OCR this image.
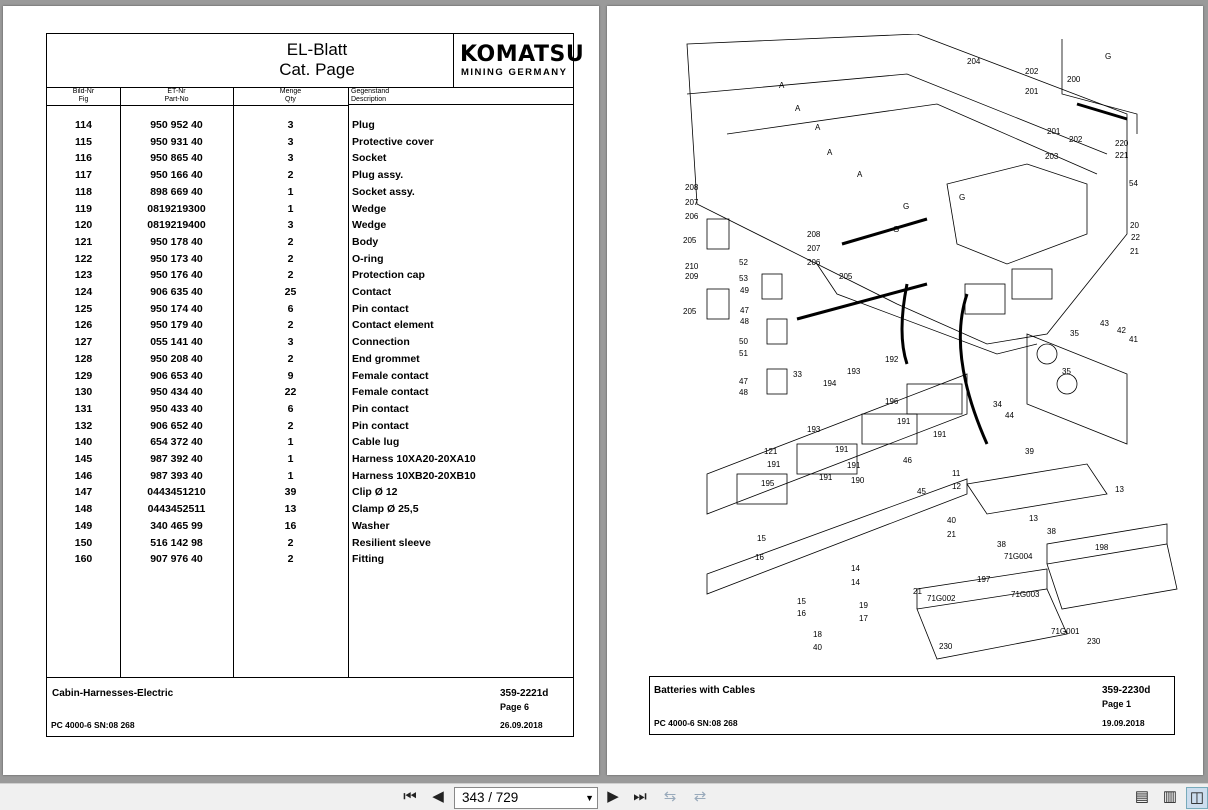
EL-Blatt
Cat. Page
KOMATSU
MINING GERMANY
Bild-Nr
Fig
ET-Nr
Part-No
Menge
Qty
Gegenstand
Description
114	950 952 40	3	Plug
115	950 931 40	3	Protective cover
116	950 865 40	3	Socket
117	950 166 40	2	Plug assy.
118	898 669 40	1	Socket assy.
119	0819219300	1	Wedge
120	0819219400	3	Wedge
121	950 178 40	2	Body
122	950 173 40	2	O-ring
123	950 176 40	2	Protection cap
124	906 635 40	25	Contact
125	950 174 40	6	Pin contact
126	950 179 40	2	Contact element
127	055 141 40	3	Connection
128	950 208 40	2	End grommet
129	906 653 40	9	Female contact
130	950 434 40	22	Female contact
131	950 433 40	6	Pin contact
132	906 652 40	2	Pin contact
140	654 372 40	1	Cable lug
145	987 392 40	1	Harness 10XA20-20XA10
146	987 393 40	1	Harness 10XB20-20XB10
147	0443451210	39	Clip Ø 12
148	0443452511	13	Clamp Ø 25,5
149	340 465 99	16	Washer
150	516 142 98	2	Resilient sleeve
160	907 976 40	2	Fitting
Cabin-Harnesses-Electric	359-2221d
Page 6
PC 4000-6 SN:08 268	26.09.2018
204
202
201
200
G
201
202
203
220
221
A
A
A
A
A
208
207
206
205
G
G
G
54
20
22
21
208
207
206
52
205
210
209	53
49
47
48
205
50
51
43
42
41
35
35
47
48
33
194
193
192
193
191
196
191
191
121
191	191
195
191 190
46
45
34
44
39
13
11
12
13
40
21
38
71G004
38
198
197
15
16
15
16
14
14
19
17
18
40
21
71G002	71G003
230
71G001
230
Batteries with Cables	359-2230d
Page 1
PC 4000-6 SN:08 268	19.09.2018
⏮ ◀	343 / 729	▼ ▶ ⏭ ⇆ ⇄	▤ ▥ ◫
